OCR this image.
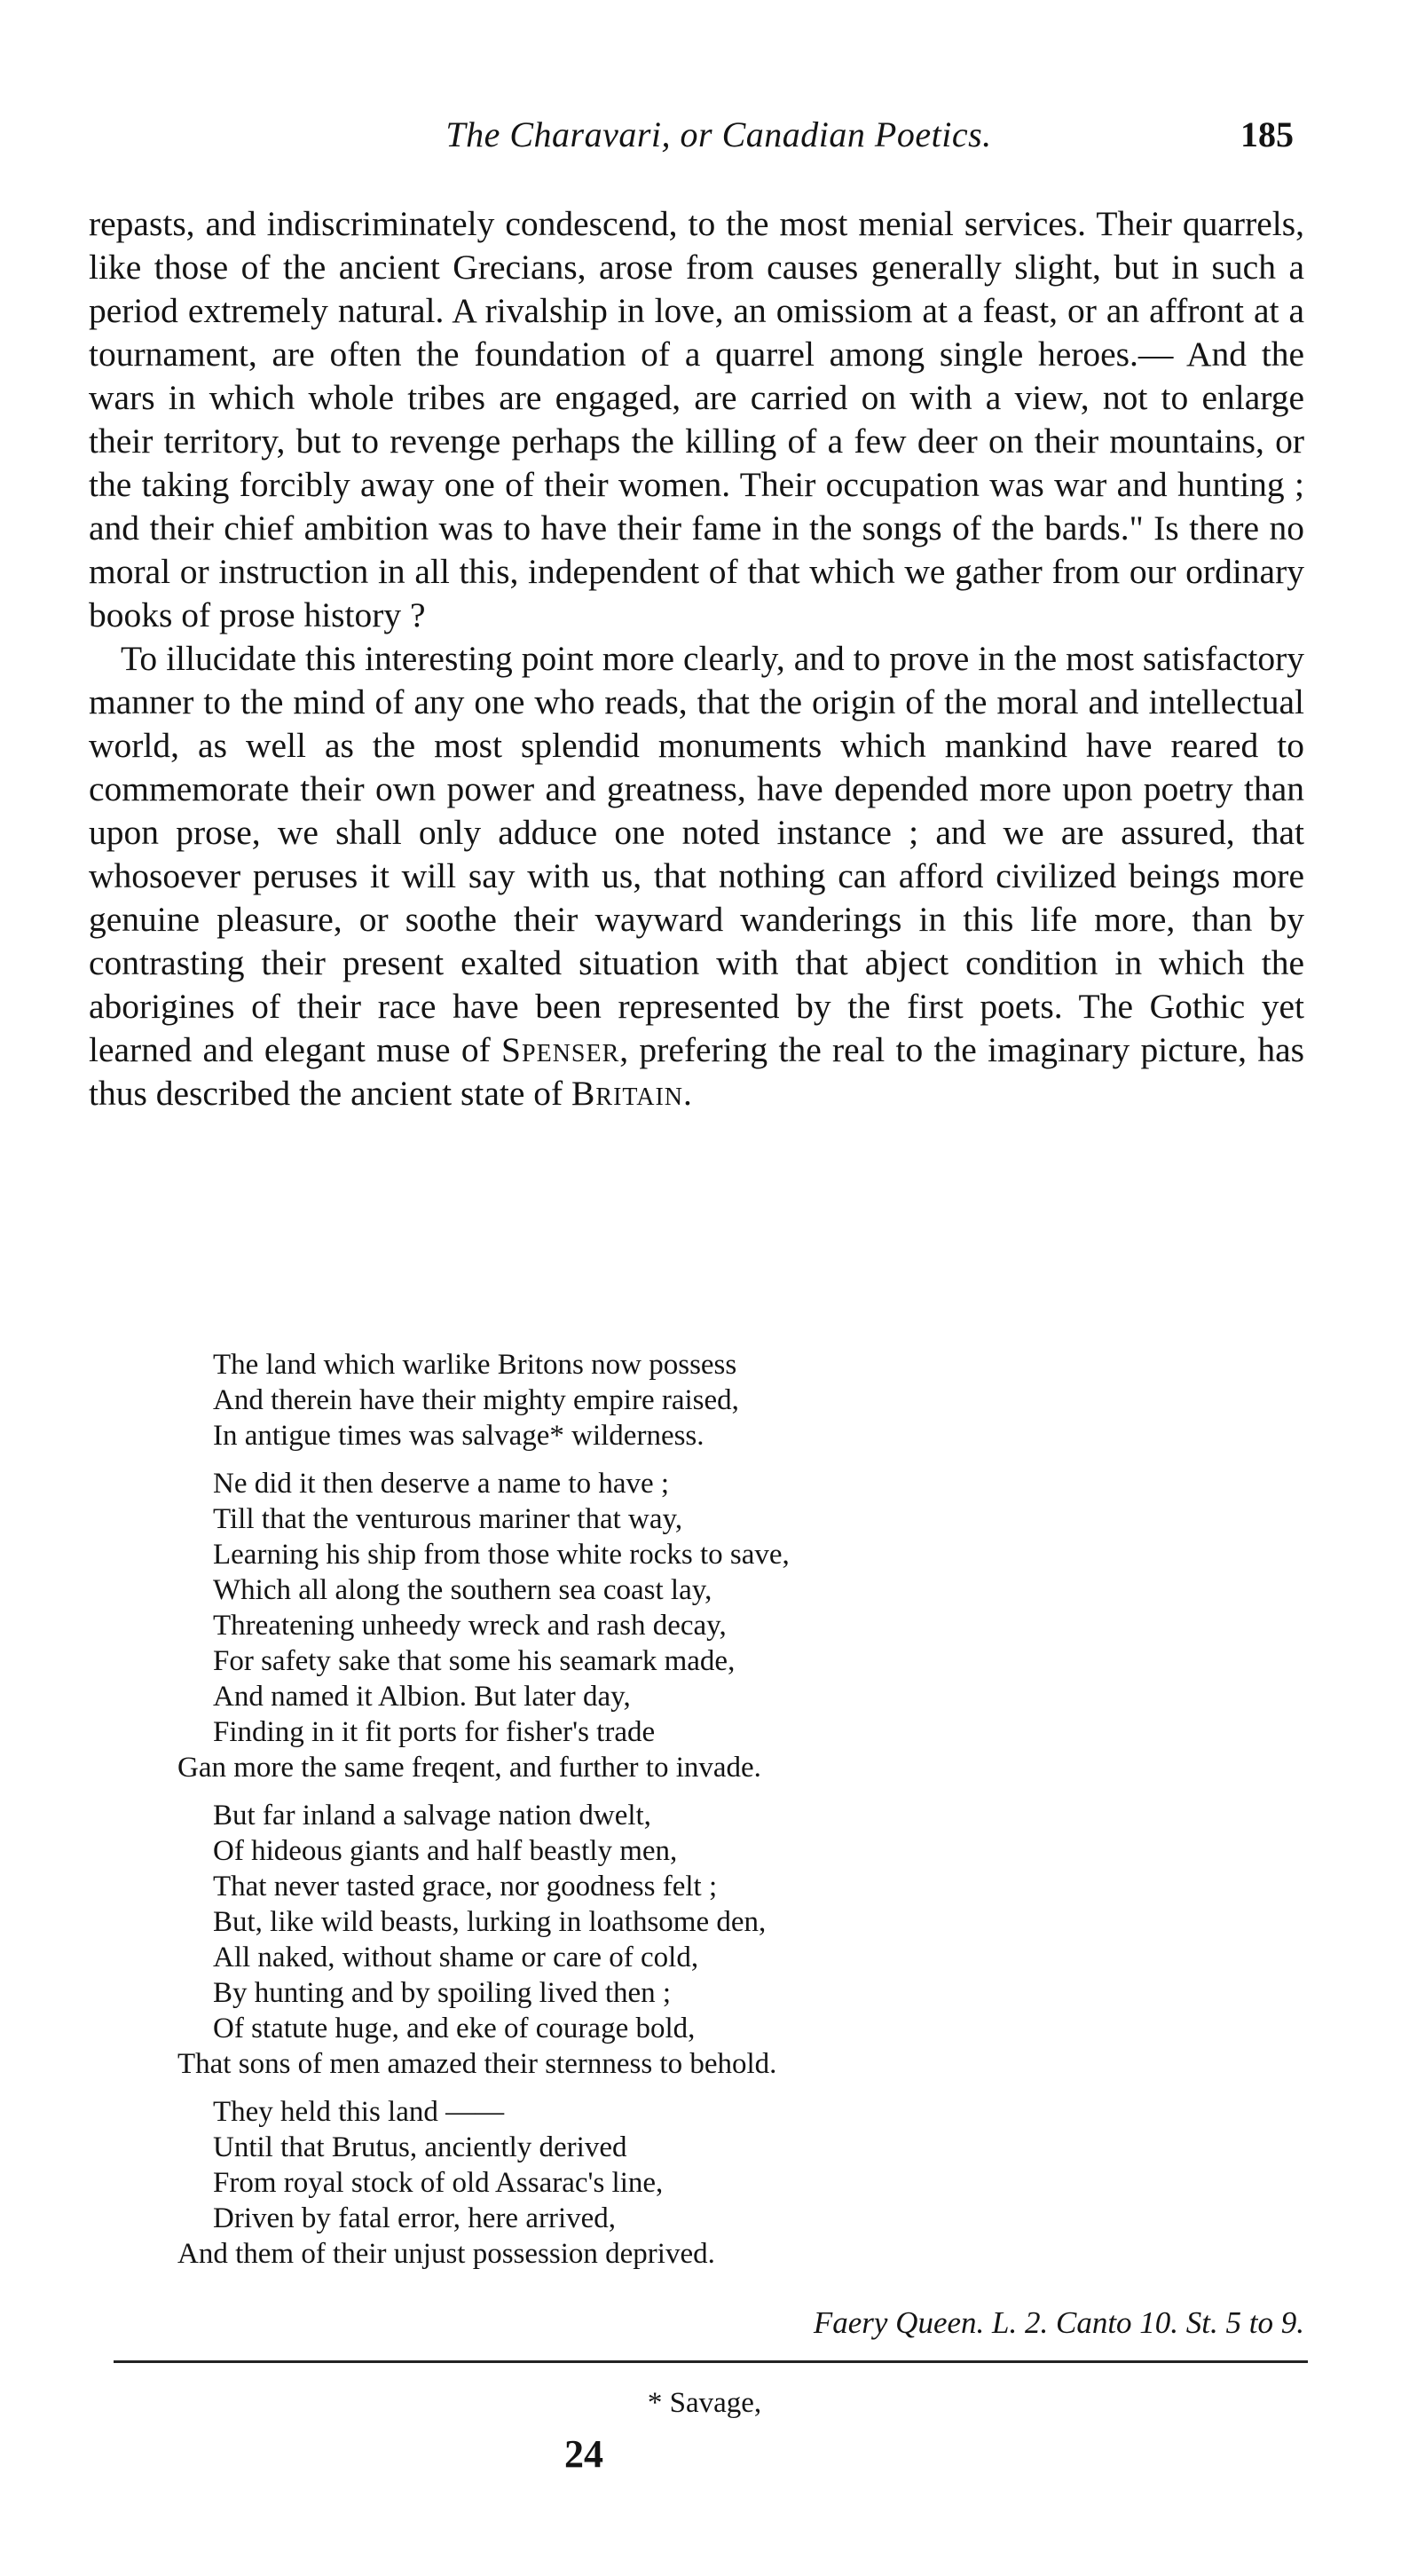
The Charavari, or Canadian Poetics.	185

repasts, and indiscriminately condescend, to the most menial services. Their quarrels, like those of the ancient Grecians, arose from causes generally slight, but in such a period extremely natural. A rivalship in love, an omissiom at a feast, or an affront at a tournament, are often the foundation of a quarrel among single heroes.— And the wars in which whole tribes are engaged, are carried on with a view, not to enlarge their territory, but to revenge perhaps the killing of a few deer on their mountains, or the taking forcibly away one of their women. Their occupation was war and hunting ; and their chief ambition was to have their fame in the songs of the bards." Is there no moral or instruction in all this, independent of that which we gather from our ordinary books of prose history ?

To illucidate this interesting point more clearly, and to prove in the most satisfactory manner to the mind of any one who reads, that the origin of the moral and intellectual world, as well as the most splendid monuments which mankind have reared to commemorate their own power and greatness, have depended more upon poetry than upon prose, we shall only adduce one noted instance ; and we are assured, that whosoever peruses it will say with us, that nothing can afford civilized beings more genuine pleasure, or soothe their wayward wanderings in this life more, than by contrasting their present exalted situation with that abject condition in which the aborigines of their race have been represented by the first poets. The Gothic yet learned and elegant muse of Spenser, prefering the real to the imaginary picture, has thus described the ancient state of Britain.

The land which warlike Britons now possess
And therein have their mighty empire raised,
In antigue times was salvage* wilderness.
Ne did it then deserve a name to have ;
Till that the venturous mariner that way,
Learning his ship from those white rocks to save,
Which all along the southern sea coast lay,
Threatening unheedy wreck and rash decay,
For safety sake that some his seamark made,
And named it Albion. But later day,
Finding in it fit ports for fisher's trade
Gan more the same freqent, and further to invade.
But far inland a salvage nation dwelt,
Of hideous giants and half beastly men,
That never tasted grace, nor goodness felt ;
But, like wild beasts, lurking in loathsome den,
All naked, without shame or care of cold,
By hunting and by spoiling lived then ;
Of statute huge, and eke of courage bold,
That sons of men amazed their sternness to behold.
They held this land ——
Until that Brutus, anciently derived
From royal stock of old Assarac's line,
Driven by fatal error, here arrived,
And them of their unjust possession deprived.
Faery Queen. L. 2. Canto 10. St. 5 to 9.
* Savage,
24
